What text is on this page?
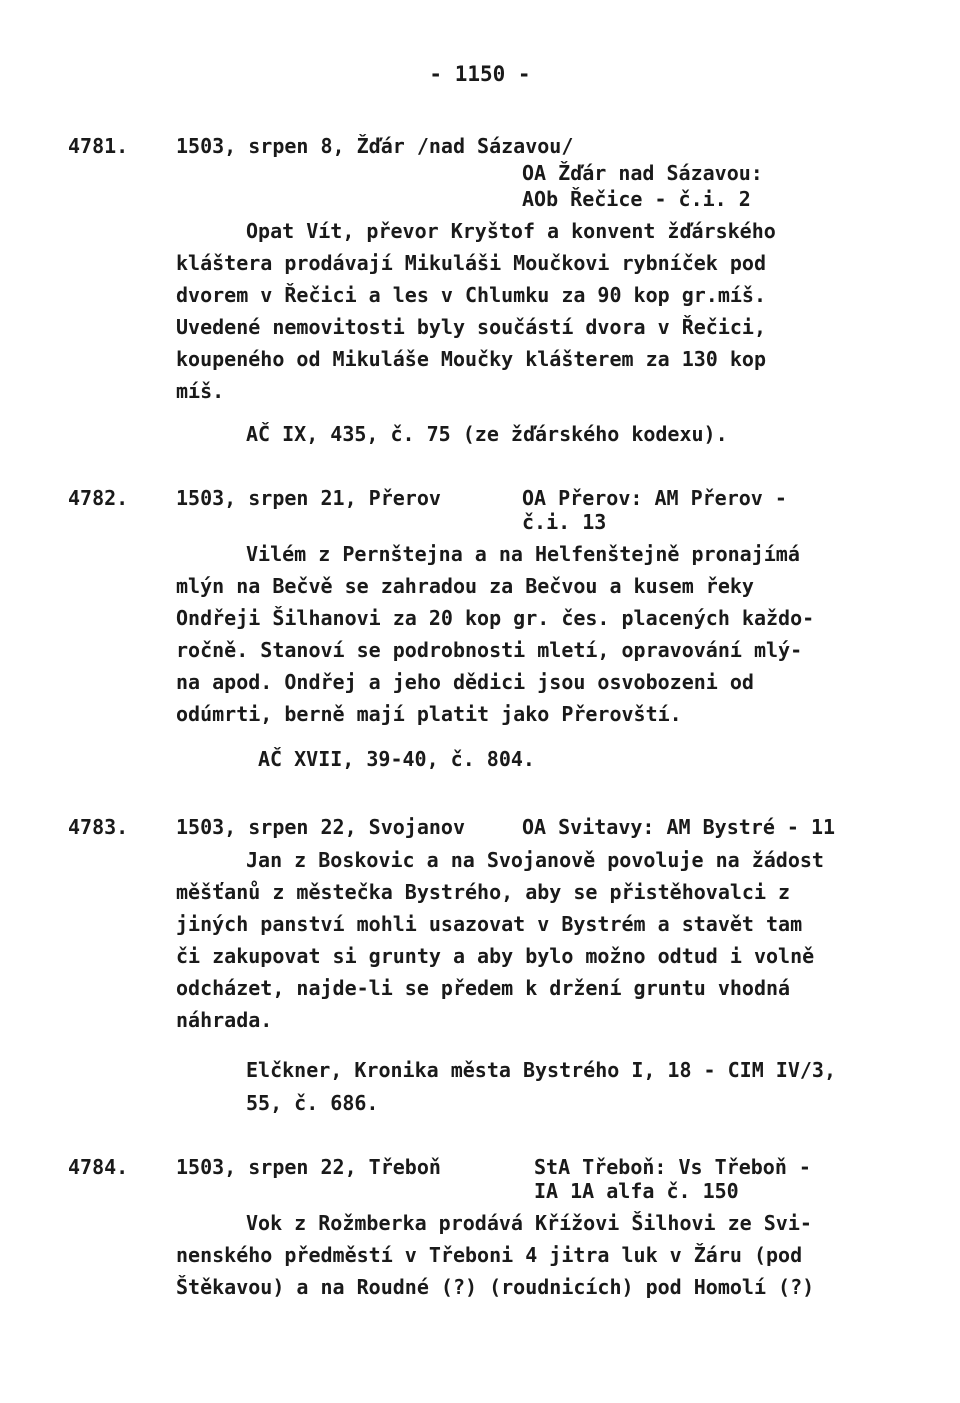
- 1150 -
4781. 1503, srpen 8, Žďár /nad Sázavou/
OA Žďár nad Sázavou:
AOb Řečice - č.i. 2
Opat Vít, převor Kryštof a konvent žďárského
kláštera prodávají Mikuláši Moučkovi rybníček pod
dvorem v Řečici a les v Chlumku za 90 kop gr.míš.
Uvedené nemovitosti byly součástí dvora v Řečici,
koupeného od Mikuláše Moučky klášterem za 130 kop
míš.
AČ IX, 435, č. 75 (ze žďárského kodexu).
4782. 1503, srpen 21, Přerov	OA Přerov: AM Přerov -
č.i. 13
Vilém z Pernštejna a na Helfenštejně pronajímá
mlýn na Bečvě se zahradou za Bečvou a kusem řeky
Ondřeji Šilhanovi za 20 kop gr. čes. placených každo-
ročně. Stanoví se podrobnosti mletí, opravování mlý-
na apod. Ondřej a jeho dědici jsou osvobozeni od
odúmrti, berně mají platit jako Přerovští.
AČ XVII, 39-40, č. 804.
4783. 1503, srpen 22, Svojanov	OA Svitavy: AM Bystré - 11
Jan z Boskovic a na Svojanově povoluje na žádost
měšťanů z městečka Bystrého, aby se přistěhovalci z
jiných panství mohli usazovat v Bystrém a stavět tam
či zakupovat si grunty a aby bylo možno odtud i volně
odcházet, najde-li se předem k držení gruntu vhodná
náhrada.
Elčkner, Kronika města Bystrého I, 18 - CIM IV/3,
55, č. 686.
4784. 1503, srpen 22, Třeboň	StA Třeboň: Vs Třeboň -
IA 1A alfa č. 150
Vok z Rožmberka prodává Křížovi Šilhovi ze Svi-
nenského předměstí v Třeboni 4 jitra luk v Žáru (pod
Štěkavou) a na Roudné (?) (roudnicích) pod Homolí (?)
